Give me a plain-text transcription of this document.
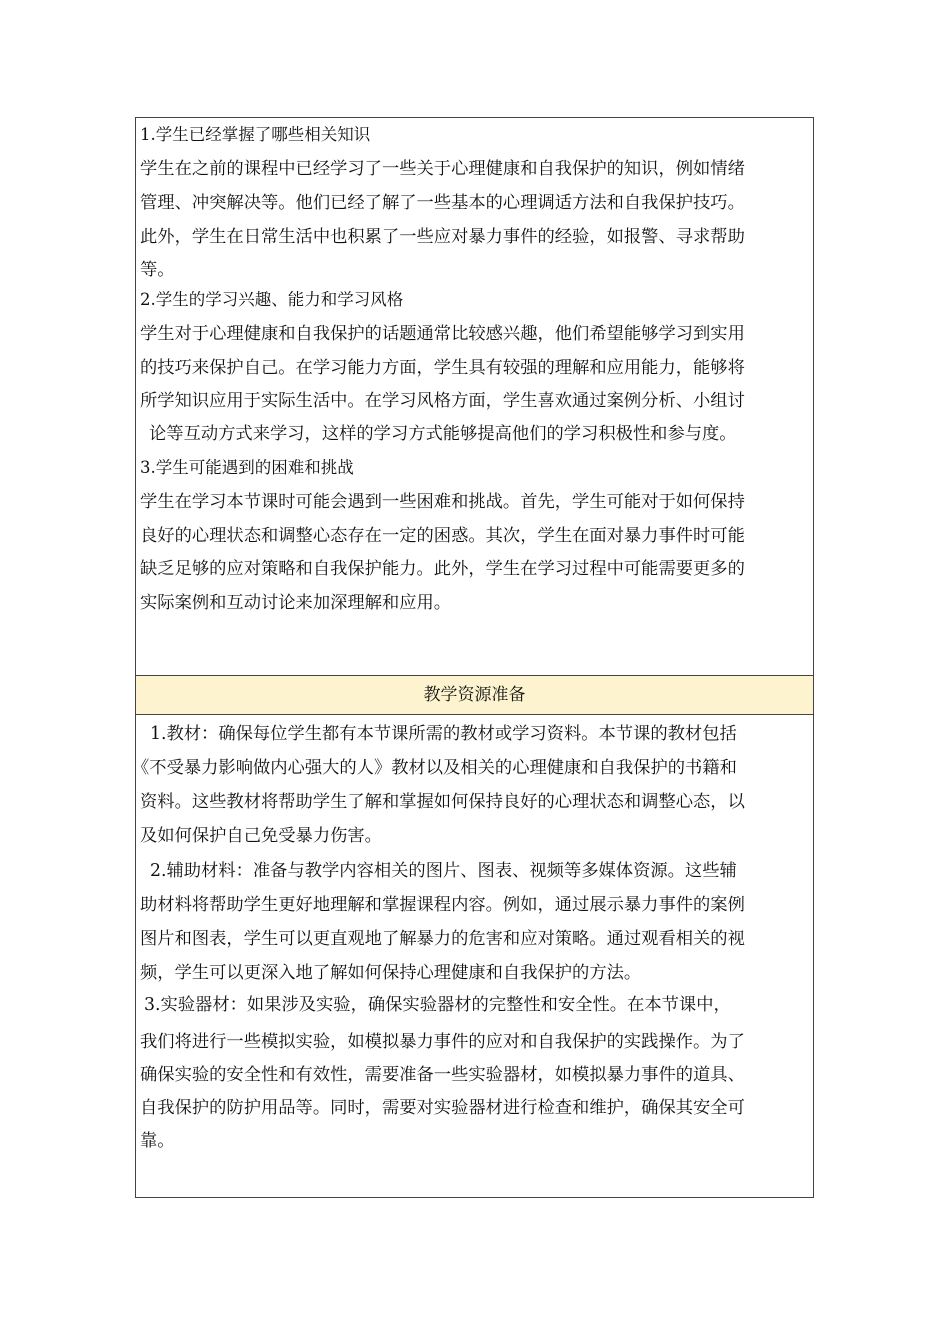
1.学生已经掌握了哪些相关知识
学生在之前的课程中已经学习了一些关于心理健康和自我保护的知识，例如情绪
管理、冲突解决等。他们已经了解了一些基本的心理调适方法和自我保护技巧。
此外，学生在日常生活中也积累了一些应对暴力事件的经验，如报警、寻求帮助
等。
2.学生的学习兴趣、能力和学习风格
学生对于心理健康和自我保护的话题通常比较感兴趣，他们希望能够学习到实用
的技巧来保护自己。在学习能力方面，学生具有较强的理解和应用能力，能够将
所学知识应用于实际生活中。在学习风格方面，学生喜欢通过案例分析、小组讨
论等互动方式来学习，这样的学习方式能够提高他们的学习积极性和参与度。
3.学生可能遇到的困难和挑战
学生在学习本节课时可能会遇到一些困难和挑战。首先，学生可能对于如何保持
良好的心理状态和调整心态存在一定的困惑。其次，学生在面对暴力事件时可能
缺乏足够的应对策略和自我保护能力。此外，学生在学习过程中可能需要更多的
实际案例和互动讨论来加深理解和应用。
教学资源准备
1.教材：确保每位学生都有本节课所需的教材或学习资料。本节课的教材包括
《不受暴力影响做内心强大的人》教材以及相关的心理健康和自我保护的书籍和
资料。这些教材将帮助学生了解和掌握如何保持良好的心理状态和调整心态，以
及如何保护自己免受暴力伤害。
2.辅助材料：准备与教学内容相关的图片、图表、视频等多媒体资源。这些辅
助材料将帮助学生更好地理解和掌握课程内容。例如，通过展示暴力事件的案例
图片和图表，学生可以更直观地了解暴力的危害和应对策略。通过观看相关的视
频，学生可以更深入地了解如何保持心理健康和自我保护的方法。
3.实验器材：如果涉及实验，确保实验器材的完整性和安全性。在本节课中，
我们将进行一些模拟实验，如模拟暴力事件的应对和自我保护的实践操作。为了
确保实验的安全性和有效性，需要准备一些实验器材，如模拟暴力事件的道具、
自我保护的防护用品等。同时，需要对实验器材进行检查和维护，确保其安全可
靠。
